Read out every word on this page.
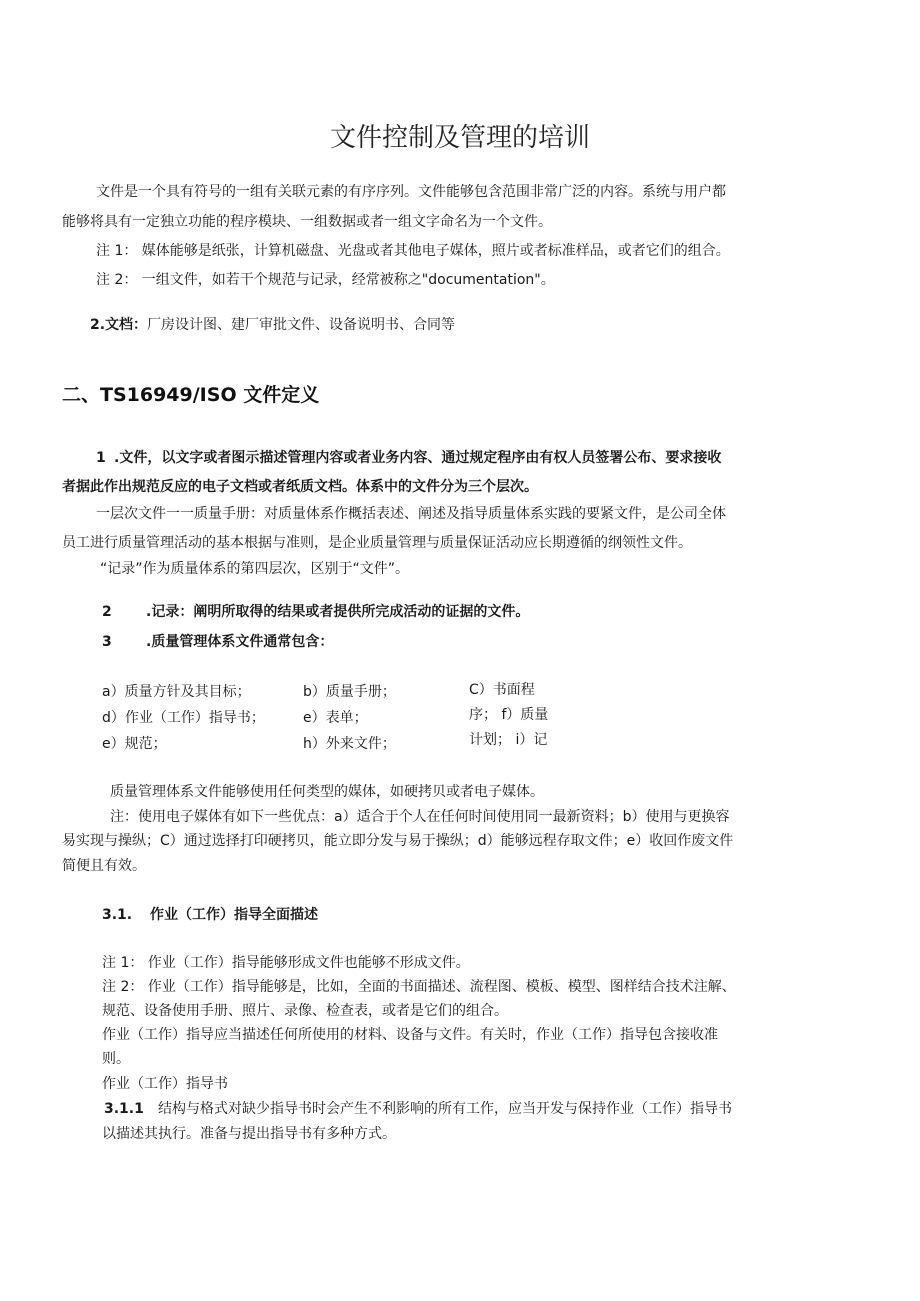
文件控制及管理的培训
文件是一个具有符号的一组有关联元素的有序序列。文件能够包含范围非常广泛的内容。系统与用户都
能够将具有一定独立功能的程序模块、一组数据或者一组文字命名为一个文件。
注 1： 媒体能够是纸张，计算机磁盘、光盘或者其他电子媒体，照片或者标准样品，或者它们的组合。
注 2： 一组文件，如若干个规范与记录，经常被称之"documentation"。
2.文档：厂房设计图、建厂审批文件、设备说明书、合同等
二、TS16949/ISO 文件定义
1 .文件，以文字或者图示描述管理内容或者业务内容、通过规定程序由有权人员签署公布、要求接收
者据此作出规范反应的电子文档或者纸质文档。体系中的文件分为三个层次。
一层次文件一一质量手册：对质量体系作概括表述、阐述及指导质量体系实践的要紧文件，是公司全体
员工进行质量管理活动的基本根据与准则，是企业质量管理与质量保证活动应长期遵循的纲领性文件。
“记录”作为质量体系的第四层次，区别于“文件”。
2 .记录：阐明所取得的结果或者提供所完成活动的证据的文件。
3 .质量管理体系文件通常包含：
a）质量方针及其目标；
d）作业（工作）指导书；
e）规范；
b）质量手册；
e）表单；
h）外来文件；
C）书面程
序； f）质量
计划； i）记
质量管理体系文件能够使用任何类型的媒体，如硬拷贝或者电子媒体。
注：使用电子媒体有如下一些优点：a）适合于个人在任何时间使用同一最新资料；b）使用与更换容
易实现与操纵；C）通过选择打印硬拷贝，能立即分发与易于操纵；d）能够远程存取文件；e）收回作废文件
简便且有效。
3.1. 作业（工作）指导全面描述
注 1： 作业（工作）指导能够形成文件也能够不形成文件。
注 2： 作业（工作）指导能够是，比如，全面的书面描述、流程图、模板、模型、图样结合技术注解、
规范、设备使用手册、照片、录像、检查表，或者是它们的组合。
作业（工作）指导应当描述任何所使用的材料、设备与文件。有关时，作业（工作）指导包含接收准
则。
作业（工作）指导书
3.1.1 结构与格式对缺少指导书时会产生不利影响的所有工作，应当开发与保持作业（工作）指导书
以描述其执行。准备与提出指导书有多种方式。
